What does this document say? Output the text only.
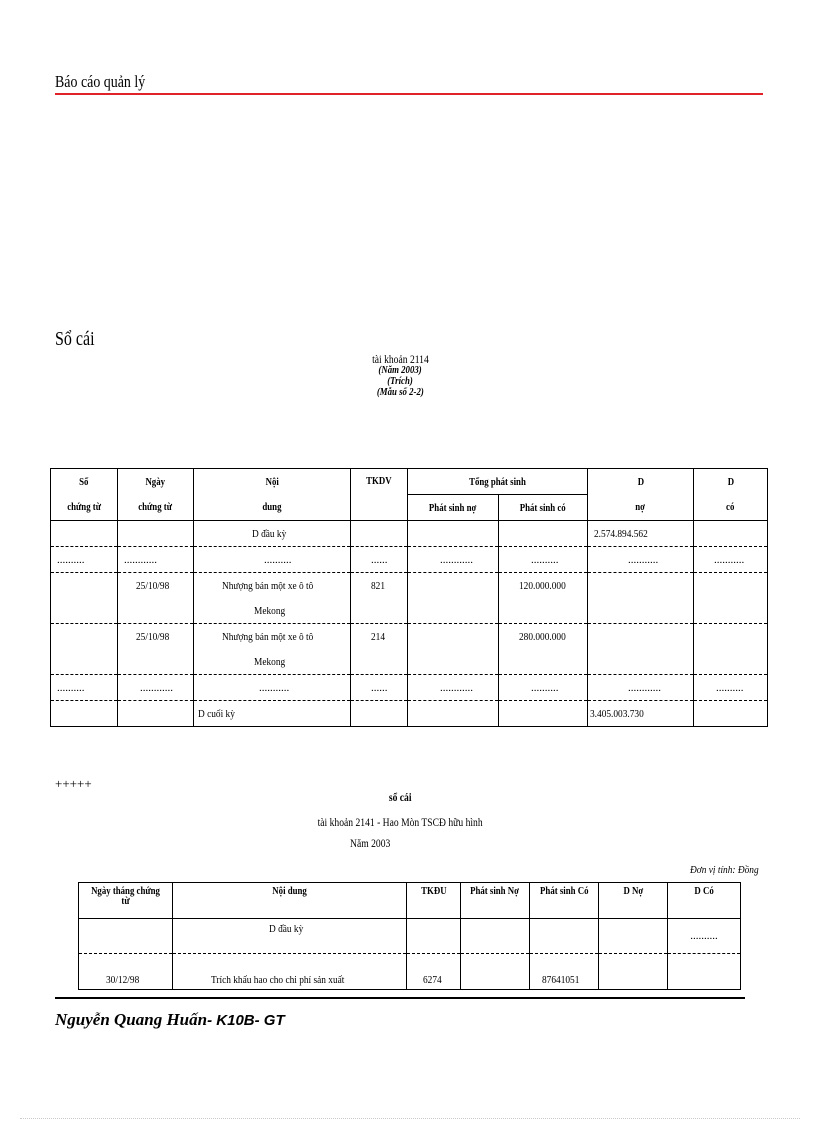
Báo cáo quản lý
Sổ cái
tài khoản 2114
(Năm 2003)
(Trích)
(Mẫu số 2-2)
Số	Ngày	Nội	TKDV	Tổng phát sinh		D	D
chứng từ	chứng từ	dung		Phát sinh nợ	Phát sinh có	nợ	có
		D đầu kỳ				2.574.894.562	
..........	............	..........	......	............	..........	...........	...........
	25/10/98	Nhượng bán một xe ô tô	821		120.000.000		
		Mekong					
	25/10/98	Nhượng bán một xe ô tô	214		280.000.000		
		Mekong					
..........	............	...........	......	............	..........	............	..........
		D cuối kỳ				3.405.003.730	
+++++
sổ cái
tài khoản 2141 - Hao Mòn TSCĐ hữu hình
Năm 2003
Đơn vị tính: Đồng
Ngày tháng chứng từ	Nội dung	TKĐU	Phát sinh Nợ	Phát sinh Có	D Nợ	D Có
	D đầu kỳ					..........
30/12/98	Trích khấu hao cho chi phí sản xuất	6274		87641051		
Nguyễn Quang Huấn- K10B- GT
